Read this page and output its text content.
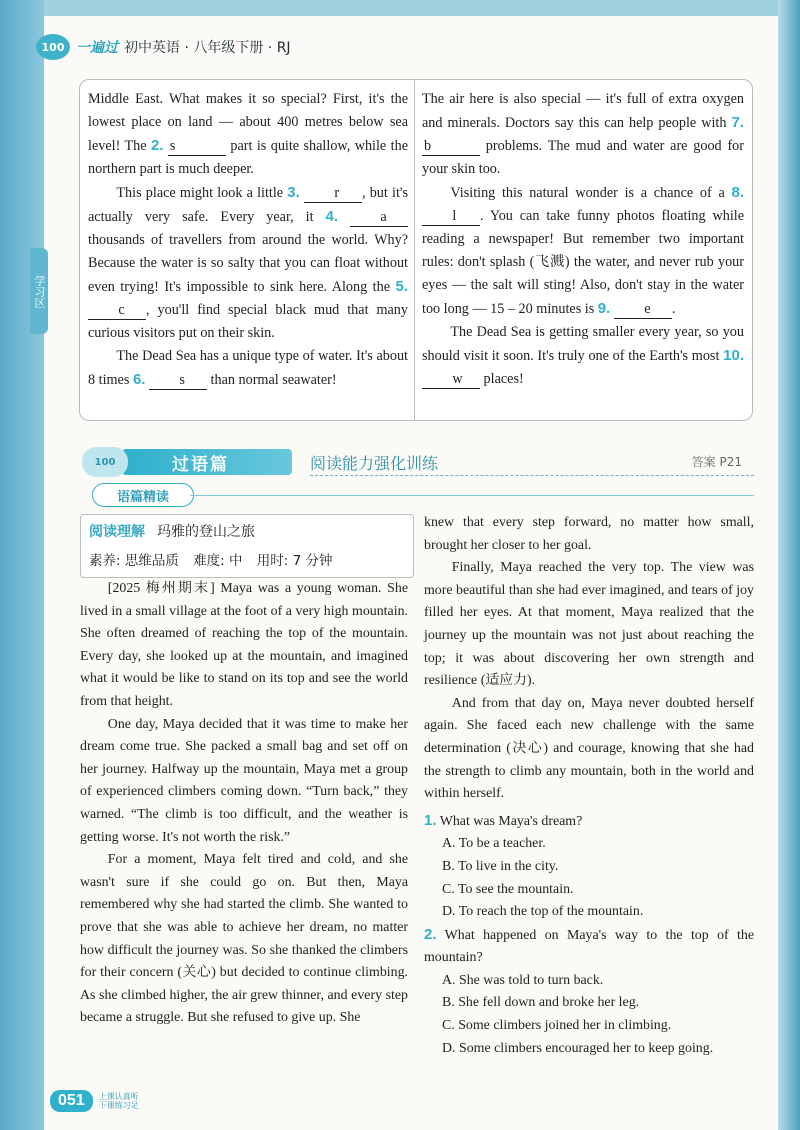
100 一遍过 初中英语 · 八年级下册 · RJ
学习区

Middle East. What makes it so special? First, it's the lowest place on land — about 400 metres below sea level! The 2. s	part is quite shallow, while the northern part is much deeper.

This place might look a little 3. r , but it's actually very safe. Every year, it 4.	a thousands of travellers from around the world. Why? Because the water is so salty that you can float without even trying! It's impossible to sink here. Along the 5. c , you'll find special black mud that many curious visitors put on their skin.

The Dead Sea has a unique type of water. It's about 8 times 6. s than normal seawater!

The air here is also special — it's full of extra oxygen and minerals. Doctors say this can help people with 7. b	problems. The mud and water are good for your skin too.

Visiting this natural wonder is a chance of a 8. l . You can take funny photos floating while reading a newspaper! But remember two important rules: don't splash (飞溅) the water, and never rub your eyes — the salt will sting! Also, don't stay in the water too long — 15 – 20 minutes is 9. e .

The Dead Sea is getting smaller every year, so you should visit it soon. It's truly one of the Earth's most 10. w places!

过语篇
100	阅读能力强化训练	答案 P21
语篇精读
阅读理解 玛雅的登山之旅
素养: 思维品质 难度: 中 用时: 7 分钟

[2025 梅州期末] Maya was a young woman. She lived in a small village at the foot of a very high mountain. She often dreamed of reaching the top of the mountain. Every day, she looked up at the mountain, and imagined what it would be like to stand on its top and see the world from that height.

One day, Maya decided that it was time to make her dream come true. She packed a small bag and set off on her journey. Halfway up the mountain, Maya met a group of experienced climbers coming down. “Turn back,” they warned. “The climb is too difficult, and the weather is getting worse. It's not worth the risk.”

For a moment, Maya felt tired and cold, and she wasn't sure if she could go on. But then, Maya remembered why she had started the climb. She wanted to prove that she was able to achieve her dream, no matter how difficult the journey was. So she thanked the climbers for their concern (关心) but decided to continue climbing. As she climbed higher, the air grew thinner, and every step became a struggle. But she refused to give up. She

knew that every step forward, no matter how small, brought her closer to her goal.

Finally, Maya reached the very top. The view was more beautiful than she had ever imagined, and tears of joy filled her eyes. At that moment, Maya realized that the journey up the mountain was not just about reaching the top; it was about discovering her own strength and resilience (适应力).

And from that day on, Maya never doubted herself again. She faced each new challenge with the same determination (决心) and courage, knowing that she had the strength to climb any mountain, both in the world and within herself.

1. What was Maya's dream?

A. To be a teacher.

B. To live in the city.

C. To see the mountain.

D. To reach the top of the mountain.

2. What happened on Maya's way to the top of the mountain?

A. She was told to turn back.

B. She fell down and broke her leg.

C. Some climbers joined her in climbing.

D. Some climbers encouraged her to keep going.

051	上课认真听 下课练习足
